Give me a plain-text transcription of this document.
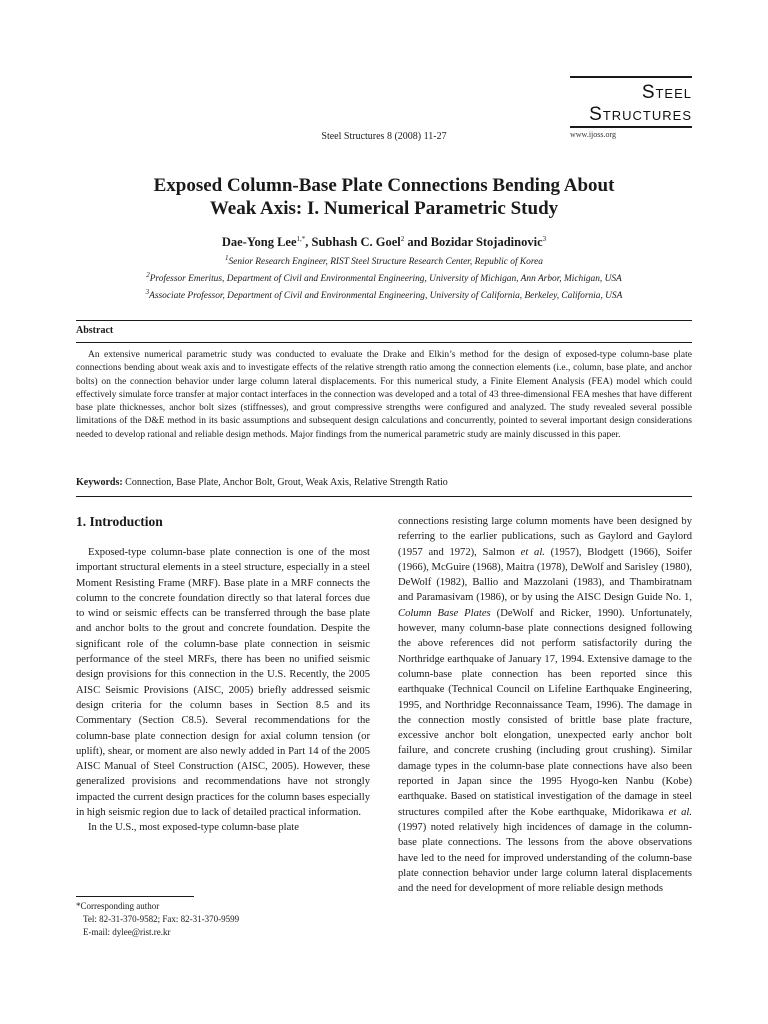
Steel
Structures
www.ijoss.org
Steel Structures 8 (2008) 11-27
Exposed Column-Base Plate Connections Bending About
Weak Axis: I. Numerical Parametric Study
Dae-Yong Lee$^{1,*}$, Subhash C. Goel$^2$ and Bozidar Stojadinovic$^3$
$^1$Senior Research Engineer, RIST Steel Structure Research Center, Republic of Korea
$^2$Professor Emeritus, Department of Civil and Environmental Engineering, University of Michigan, Ann Arbor, Michigan, USA
$^3$Associate Professor, Department of Civil and Environmental Engineering, University of California, Berkeley, California, USA
Abstract
An extensive numerical parametric study was conducted to evaluate the Drake and Elkin’s method for the design of exposed-type column-base plate connections bending about weak axis and to investigate effects of the relative strength ratio among the connection elements (i.e., column, base plate, and anchor bolts) on the connection behavior under large column lateral displacements. For this numerical study, a Finite Element Analysis (FEA) model which could effectively simulate force transfer at major contact interfaces in the connection was developed and a total of 43 three-dimensional FEA meshes that have different base plate thicknesses, anchor bolt sizes (stiffnesses), and grout compressive strengths were configured and analyzed. The study revealed several possible limitations of the D&E method in its basic assumptions and subsequent design calculations and concurrently, pointed to several important design considerations needed to develop rational and reliable design methods. Major findings from the numerical parametric study are mainly discussed in this paper.
Keywords: Connection, Base Plate, Anchor Bolt, Grout, Weak Axis, Relative Strength Ratio
1. Introduction

Exposed-type column-base plate connection is one of the most important structural elements in a steel structure, especially in a steel Moment Resisting Frame (MRF). Base plate in a MRF connects the column to the concrete foundation directly so that lateral forces due to wind or seismic effects can be transferred through the base plate and anchor bolts to the grout and concrete foundation. Despite the significant role of the column-base plate connection in seismic performance of the steel MRFs, there has been no unified seismic design provisions for this connection in the U.S. Recently, the 2005 AISC Seismic Provisions (AISC, 2005) briefly addressed seismic design criteria for the column bases in Section 8.5 and its Commentary (Section C8.5). Several recommendations for the column-base plate connection design for axial column tension (or uplift), shear, or moment are also newly added in Part 14 of the 2005 AISC Manual of Steel Construction (AISC, 2005). However, these generalized provisions and recommendations have not strongly impacted the current design practices for the column bases especially in high seismic region due to lack of detailed practical information.

In the U.S., most exposed-type column-base plate

connections resisting large column moments have been designed by referring to the earlier publications, such as Gaylord and Gaylord (1957 and 1972), Salmon et al. (1957), Blodgett (1966), Soifer (1966), McGuire (1968), Maitra (1978), DeWolf and Sarisley (1980), DeWolf (1982), Ballio and Mazzolani (1983), and Thambiratnam and Paramasivam (1986), or by using the AISC Design Guide No. 1, Column Base Plates (DeWolf and Ricker, 1990). Unfortunately, however, many column-base plate connections designed following the above references did not perform satisfactorily during the Northridge earthquake of January 17, 1994. Extensive damage to the column-base plate connection has been reported since this earthquake (Technical Council on Lifeline Earthquake Engineering, 1995, and Northridge Reconnaissance Team, 1996). The damage in the connection mostly consisted of brittle base plate fracture, excessive anchor bolt elongation, unexpected early anchor bolt failure, and concrete crushing (including grout crushing). Similar damage types in the column-base plate connections have also been reported in Japan since the 1995 Hyogo-ken Nanbu (Kobe) earthquake. Based on statistical investigation of the damage in steel structures compiled after the Kobe earthquake, Midorikawa et al. (1997) noted relatively high incidences of damage in the column-base plate connections. The lessons from the above observations have led to the need for improved understanding of the column-base plate connection behavior under large column lateral displacements and the need for development of more reliable design methods

*Corresponding author
Tel: 82-31-370-9582; Fax: 82-31-370-9599
E-mail: dylee@rist.re.kr
